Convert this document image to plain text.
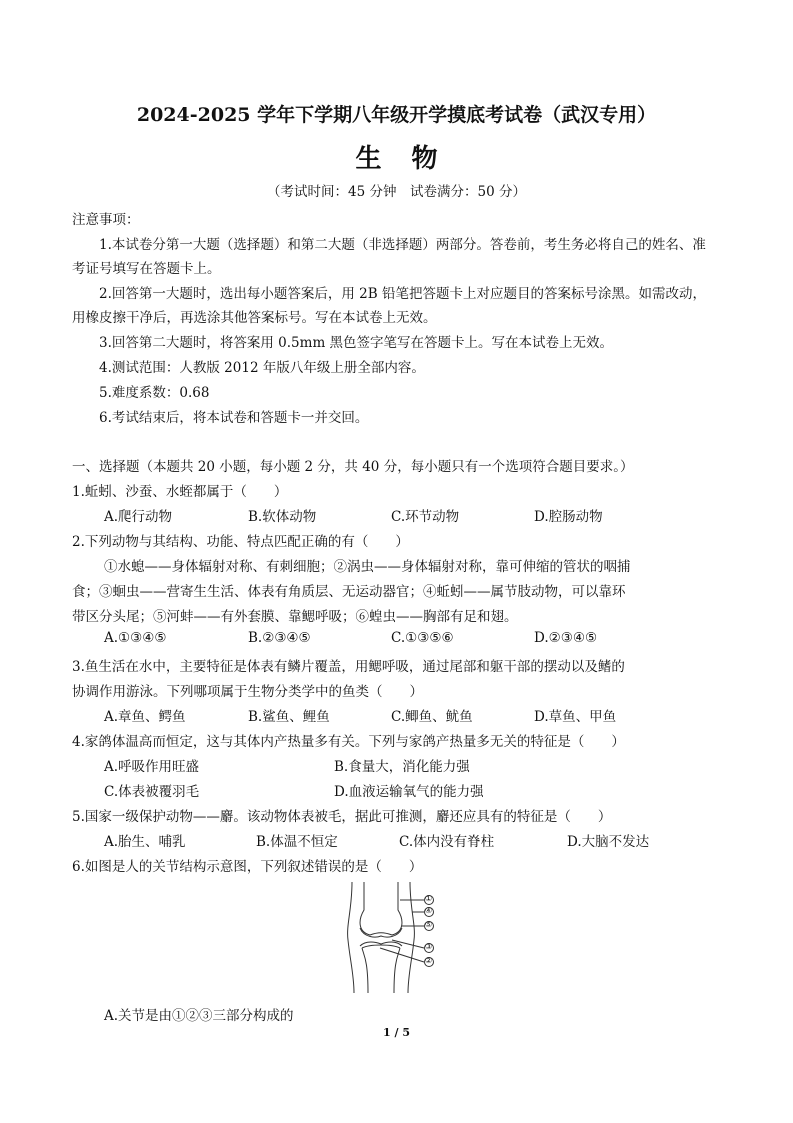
2024-2025 学年下学期八年级开学摸底考试卷（武汉专用）
生物
（考试时间：45 分钟　试卷满分：50 分）
注意事项：
1.本试卷分第一大题（选择题）和第二大题（非选择题）两部分。答卷前，考生务必将自己的姓名、准
考证号填写在答题卡上。
2.回答第一大题时，选出每小题答案后，用 2B 铅笔把答题卡上对应题目的答案标号涂黑。如需改动，
用橡皮擦干净后，再选涂其他答案标号。写在本试卷上无效。
3.回答第二大题时，将答案用 0.5mm 黑色签字笔写在答题卡上。写在本试卷上无效。
4.测试范围：人教版 2012 年版八年级上册全部内容。
5.难度系数：0.68
6.考试结束后，将本试卷和答题卡一并交回。
一、选择题（本题共 20 小题，每小题 2 分，共 40 分，每小题只有一个选项符合题目要求。）
1.蚯蚓、沙蚕、水蛭都属于（　　）
A.爬行动物	B.软体动物	C.环节动物	D.腔肠动物
2.下列动物与其结构、功能、特点匹配正确的有（　　）
①水螅——身体辐射对称、有刺细胞；②涡虫——身体辐射对称，靠可伸缩的管状的咽捕
食；③蛔虫——营寄生生活、体表有角质层、无运动器官；④蚯蚓——属节肢动物，可以靠环
带区分头尾；⑤河蚌——有外套膜、靠鳃呼吸；⑥蝗虫——胸部有足和翅。
A.①③④⑤	B.②③④⑤	C.①③⑤⑥	D.②③④⑤
3.鱼生活在水中，主要特征是体表有鳞片覆盖，用鳃呼吸，通过尾部和躯干部的摆动以及鳍的
协调作用游泳。下列哪项属于生物分类学中的鱼类（　　）
A.章鱼、鳄鱼	B.鲨鱼、鲤鱼	C.鲫鱼、鱿鱼	D.草鱼、甲鱼
4.家鸽体温高而恒定，这与其体内产热量多有关。下列与家鸽产热量多无关的特征是（　　）
A.呼吸作用旺盛	B.食量大，消化能力强
C.体表被覆羽毛	D.血液运输氧气的能力强
5.国家一级保护动物——麝。该动物体表被毛，据此可推测，麝还应具有的特征是（　　）
A.胎生、哺乳	B.体温不恒定	C.体内没有脊柱	D.大脑不发达
6.如图是人的关节结构示意图，下列叙述错误的是（　　）
①
④
⑤
③
②
A.关节是由①②③三部分构成的
1 / 5
